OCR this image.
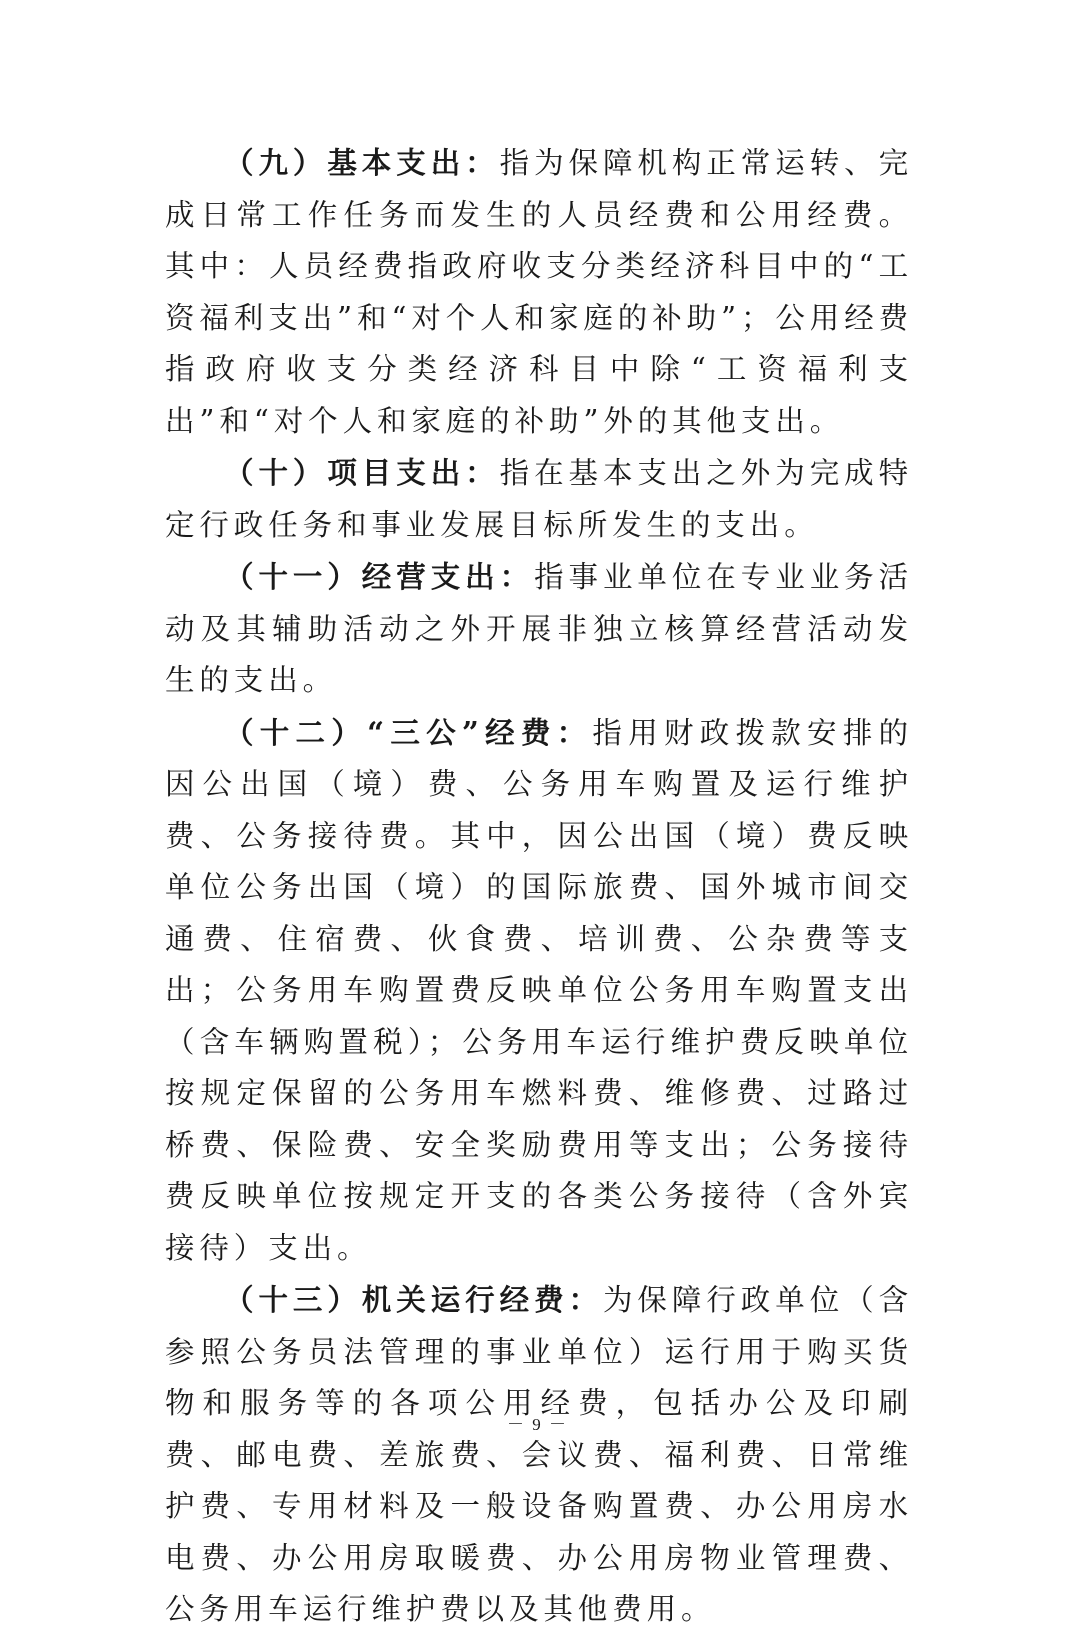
（九）基本支出：指为保障机构正常运转、完成日常工作任务而发生的人员经费和公用经费。其中：人员经费指政府收支分类经济科目中的“工资福利支出”和“对个人和家庭的补助”；公用经费指政府收支分类经济科目中除“工资福利支出”和“对个人和家庭的补助”外的其他支出。

（十）项目支出：指在基本支出之外为完成特定行政任务和事业发展目标所发生的支出。

（十一）经营支出：指事业单位在专业业务活动及其辅助活动之外开展非独立核算经营活动发生的支出。

（十二）“三公”经费：指用财政拨款安排的因公出国（境）费、公务用车购置及运行维护费、公务接待费。其中，因公出国（境）费反映单位公务出国（境）的国际旅费、国外城市间交通费、住宿费、伙食费、培训费、公杂费等支出；公务用车购置费反映单位公务用车购置支出（含车辆购置税）；公务用车运行维护费反映单位按规定保留的公务用车燃料费、维修费、过路过桥费、保险费、安全奖励费用等支出；公务接待费反映单位按规定开支的各类公务接待（含外宾接待）支出。

（十三）机关运行经费：为保障行政单位（含参照公务员法管理的事业单位）运行用于购买货物和服务等的各项公用经费，包括办公及印刷费、邮电费、差旅费、会议费、福利费、日常维护费、专用材料及一般设备购置费、办公用房水电费、办公用房取暖费、办公用房物业管理费、公务用车运行维护费以及其他费用。

－ 9 －
